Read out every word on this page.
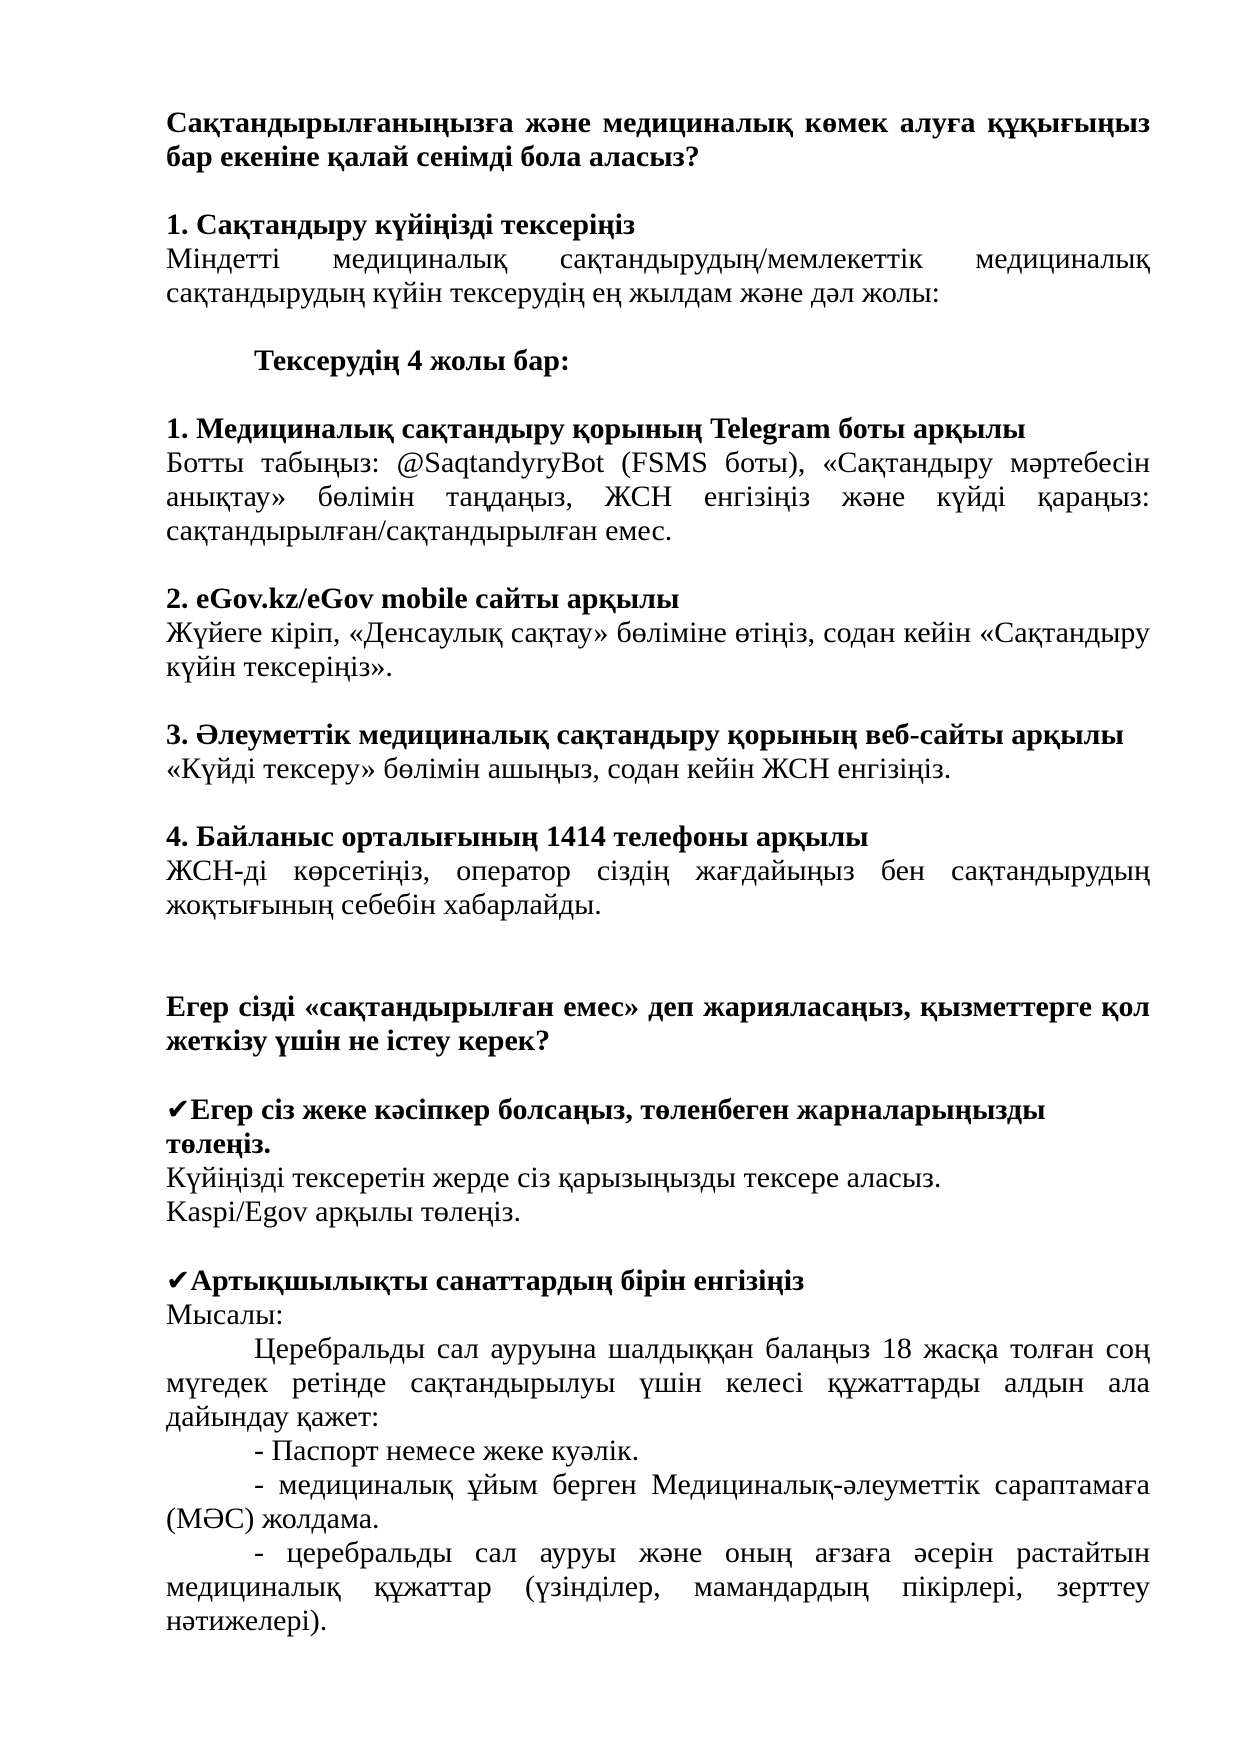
Сақтандырылғаныңызға және медициналық көмек алуға құқығыңыз бар екеніне қалай сенімді бола аласыз?

1. Сақтандыру күйіңізді тексеріңіз

Міндетті медициналық сақтандырудың/мемлекеттік медициналық сақтандырудың күйін тексерудің ең жылдам және дәл жолы:

Тексерудің 4 жолы бар:

1. Медициналық сақтандыру қорының Telegram боты арқылы

Ботты табыңыз: @SaqtandyryBot (FSMS боты), «Сақтандыру мәртебесін анықтау» бөлімін таңдаңыз, ЖСН енгізіңіз және күйді қараңыз: сақтандырылған/сақтандырылған емес.

2. eGov.kz/eGov mobile сайты арқылы

Жүйеге кіріп, «Денсаулық сақтау» бөліміне өтіңіз, содан кейін «Сақтандыру күйін тексеріңіз».

3. Әлеуметтік медициналық сақтандыру қорының веб-сайты арқылы

«Күйді тексеру» бөлімін ашыңыз, содан кейін ЖСН енгізіңіз.

4. Байланыс орталығының 1414 телефоны арқылы

ЖСН-ді көрсетіңіз, оператор сіздің жағдайыңыз бен сақтандырудың жоқтығының себебін хабарлайды.

Егер сізді «сақтандырылған емес» деп жарияласаңыз, қызметтерге қол жеткізу үшін не істеу керек?

✔Егер сіз жеке кәсіпкер болсаңыз, төленбеген жарналарыңызды төлеңіз.

Күйіңізді тексеретін жерде сіз қарызыңызды тексере аласыз.

Kaspi/Egov арқылы төлеңіз.

✔Артықшылықты санаттардың бірін енгізіңіз

Мысалы:

Церебральды сал ауруына шалдыққан балаңыз 18 жасқа толған соң мүгедек ретінде сақтандырылуы үшін келесі құжаттарды алдын ала дайындау қажет:

- Паспорт немесе жеке куәлік.

- медициналық ұйым берген Медициналық-әлеуметтік сараптамаға (МӘС) жолдама.

- церебральды сал ауруы және оның ағзаға әсерін растайтын медициналық құжаттар (үзінділер, мамандардың пікірлері, зерттеу нәтижелері).
